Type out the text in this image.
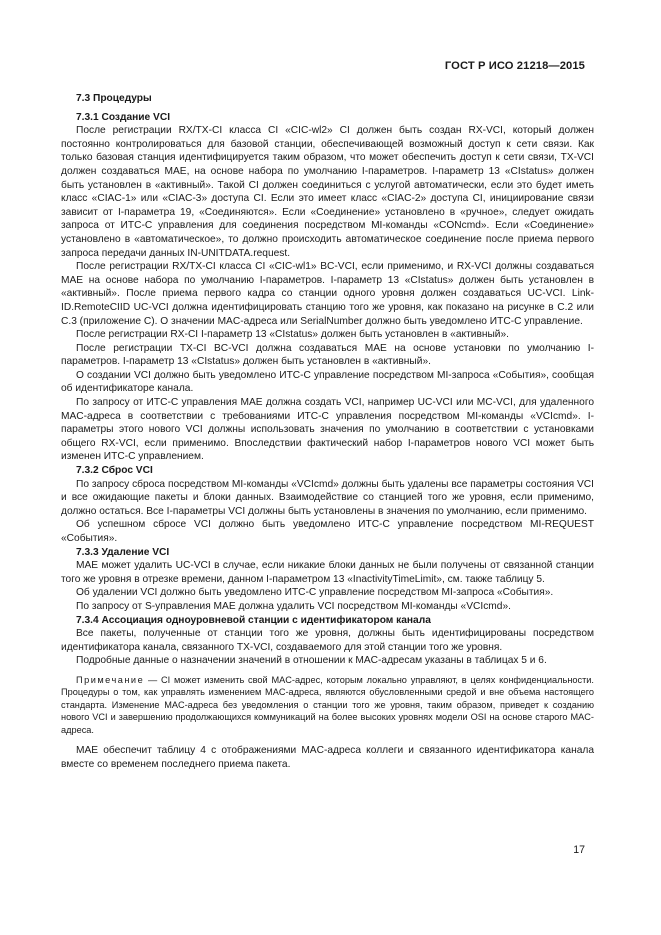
ГОСТ Р ИСО 21218—2015
7.3 Процедуры
7.3.1 Создание VCI

После регистрации RX/TX-CI класса CI «CIC-wl2» CI должен быть создан RX-VCI, который должен постоянно контролироваться для базовой станции, обеспечивающей возможный доступ к сети связи. Как только базовая станция идентифицируется таким образом, что может обеспечить доступ к сети связи, TX-VCI должен создаваться MAE, на основе набора по умолчанию I-параметров. I-параметр 13 «CIstatus» должен быть установлен в «активный». Такой CI должен соединиться с услугой автоматически, если это будет иметь класс «CIAC-1» или «CIAC-3» доступа CI. Если это имеет класс «CIAC-2» доступа CI, инициирование связи зависит от I-параметра 19, «Соединяются». Если «Соединение» установлено в «ручное», следует ожидать запроса от ИТС-С управления для соединения посредством MI-команды «CONcmd». Если «Соединение» установлено в «автоматическое», то должно происходить автоматическое соединение после приема первого запроса передачи данных IN-UNITDATA.request.

После регистрации RX/TX-CI класса CI «CIC-wl1» BC-VCI, если применимо, и RX-VCI должны создаваться MAE на основе набора по умолчанию I-параметров. I-параметр 13 «CIstatus» должен быть установлен в «активный». После приема первого кадра со станции одного уровня должен создаваться UC-VCI. Link-ID.RemoteCIID UC-VCI должна идентифицировать станцию того же уровня, как показано на рисунке в C.2 или C.3 (приложение С). О значении MAC-адреса или SerialNumber должно быть уведомлено ИТС-С управление.

После регистрации RX-CI I-параметр 13 «CIstatus» должен быть установлен в «активный».

После регистрации TX-CI BC-VCI должна создаваться MAE на основе установки по умолчанию I-параметров. I-параметр 13 «CIstatus» должен быть установлен в «активный».

О создании VCI должно быть уведомлено ИТС-С управление посредством MI-запроса «События», сообщая об идентификаторе канала.

По запросу от ИТС-С управления MAE должна создать VCI, например UC-VCI или MC-VCI, для удаленного MAC-адреса в соответствии с требованиями ИТС-С управления посредством MI-команды «VCIcmd». I-параметры этого нового VCI должны использовать значения по умолчанию в соответствии с установками общего RX-VCI, если применимо. Впоследствии фактический набор I-параметров нового VCI может быть изменен ИТС-С управлением.

7.3.2 Сброс VCI

По запросу сброса посредством MI-команды «VCIcmd» должны быть удалены все параметры состояния VCI и все ожидающие пакеты и блоки данных. Взаимодействие со станцией того же уровня, если применимо, должно остаться. Все I-параметры VCI должны быть установлены в значения по умолчанию, если применимо.

Об успешном сбросе VCI должно быть уведомлено ИТС-С управление посредством MI-REQUEST «События».

7.3.3 Удаление VCI

MAE может удалить UC-VCI в случае, если никакие блоки данных не были получены от связанной станции того же уровня в отрезке времени, данном I-параметром 13 «InactivityTimeLimit», см. также таблицу 5.

Об удалении VCI должно быть уведомлено ИТС-С управление посредством MI-запроса «События».

По запросу от S-управления MAE должна удалить VCI посредством MI-команды «VCIcmd».

7.3.4 Ассоциация одноуровневой станции с идентификатором канала

Все пакеты, полученные от станции того же уровня, должны быть идентифицированы посредством идентификатора канала, связанного TX-VCI, создаваемого для этой станции того же уровня.

Подробные данные о назначении значений в отношении к MAC-адресам указаны в таблицах 5 и 6.

Примечание — CI может изменить свой MAC-адрес, которым локально управляют, в целях конфиденциальности. Процедуры о том, как управлять изменением MAC-адреса, являются обусловленными средой и вне объема настоящего стандарта. Изменение MAC-адреса без уведомления о станции того же уровня, таким образом, приведет к созданию нового VCI и завершению продолжающихся коммуникаций на более высоких уровнях модели OSI на основе старого MAC-адреса.

MAE обеспечит таблицу 4 с отображениями MAC-адреса коллеги и связанного идентификатора канала вместе со временем последнего приема пакета.

17
